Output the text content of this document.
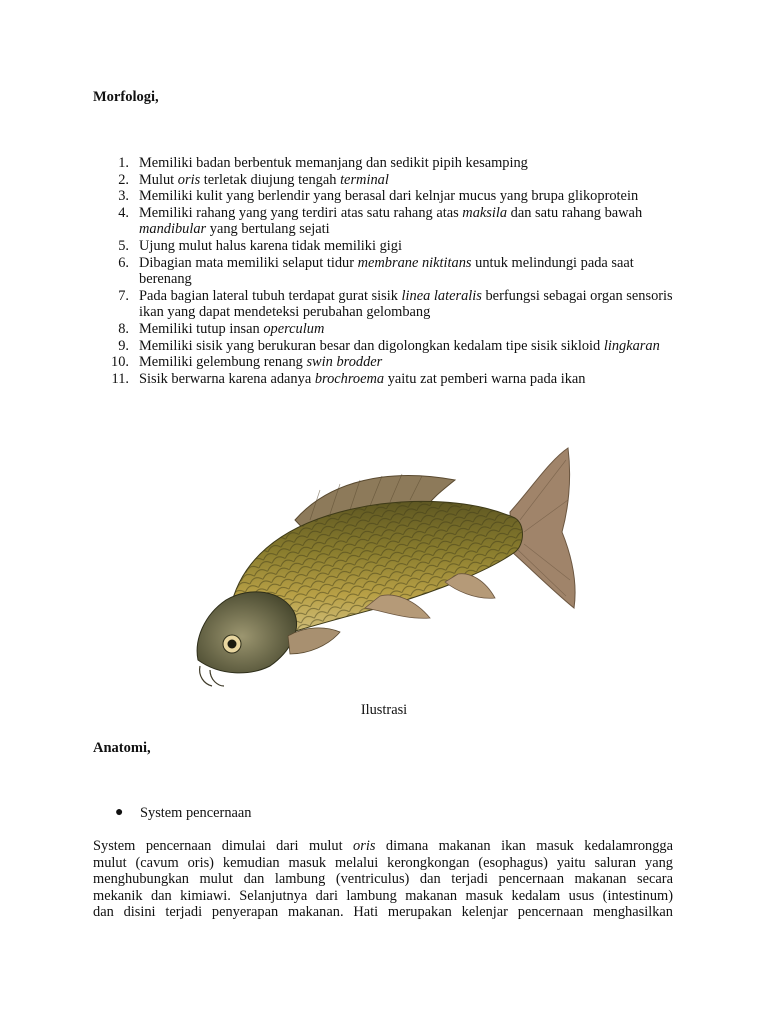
Morfologi,
1. Memiliki badan berbentuk memanjang dan sedikit pipih kesamping
2. Mulut oris terletak diujung tengah terminal
3. Memiliki kulit yang berlendir yang berasal dari kelnjar mucus yang brupa glikoprotein
4. Memiliki rahang yang yang terdiri atas satu rahang atas maksila dan satu rahang bawah mandibular yang bertulang sejati
5. Ujung mulut halus karena tidak memiliki gigi
6. Dibagian mata memiliki selaput tidur membrane niktitans untuk melindungi pada saat berenang
7. Pada bagian lateral tubuh terdapat gurat sisik linea lateralis berfungsi sebagai organ sensoris ikan yang dapat mendeteksi perubahan gelombang
8. Memiliki tutup insan operculum
9. Memiliki sisik yang berukuran besar dan digolongkan kedalam tipe sisik sikloid lingkaran
10. Memiliki gelembung renang swin brodder
11. Sisik berwarna karena adanya brochroema yaitu zat pemberi warna pada ikan
Ilustrasi
Anatomi,
● System pencernaan
System pencernaan dimulai dari mulut oris dimana makanan ikan masuk kedalamrongga
mulut (cavum oris) kemudian masuk melalui kerongkongan (esophagus) yaitu saluran yang
menghubungkan mulut dan lambung (ventriculus) dan terjadi pencernaan makanan secara
mekanik dan kimiawi. Selanjutnya dari lambung makanan masuk kedalam usus (intestinum)
dan disini terjadi penyerapan makanan. Hati merupakan kelenjar pencernaan menghasilkan
